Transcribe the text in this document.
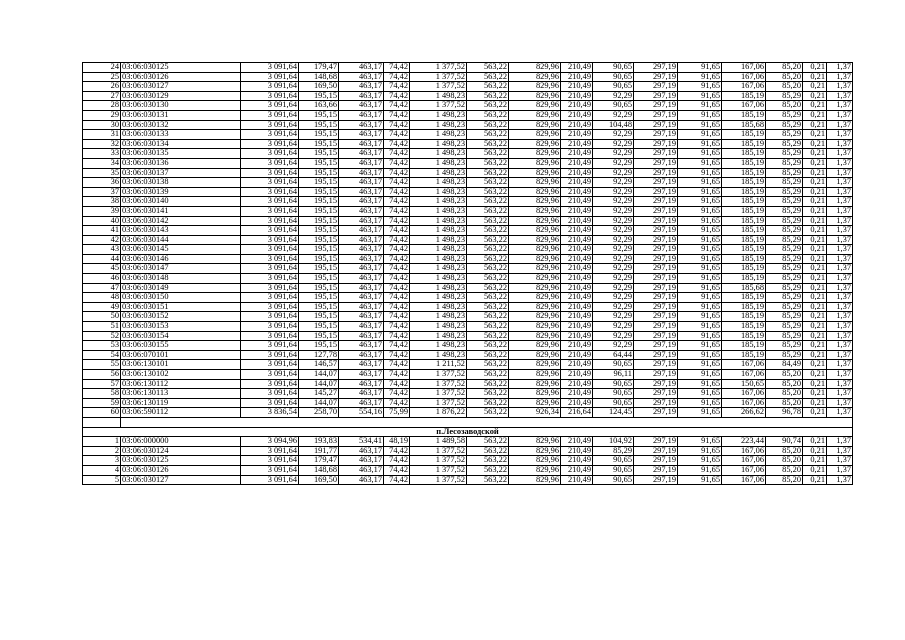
24	03:06:030125	3 091,64	179,47	463,17	74,42	1 377,52	563,22	829,96	210,49	90,65	297,19	91,65	167,06	85,20	0,21	1,37
25	03:06:030126	3 091,64	148,68	463,17	74,42	1 377,52	563,22	829,96	210,49	90,65	297,19	91,65	167,06	85,20	0,21	1,37
26	03:06:030127	3 091,64	169,50	463,17	74,42	1 377,52	563,22	829,96	210,49	90,65	297,19	91,65	167,06	85,20	0,21	1,37
27	03:06:030129	3 091,64	195,15	463,17	74,42	1 498,23	563,22	829,96	210,49	92,29	297,19	91,65	185,19	85,29	0,21	1,37
28	03:06:030130	3 091,64	163,66	463,17	74,42	1 377,52	563,22	829,96	210,49	90,65	297,19	91,65	167,06	85,20	0,21	1,37
29	03:06:030131	3 091,64	195,15	463,17	74,42	1 498,23	563,22	829,96	210,49	92,29	297,19	91,65	185,19	85,29	0,21	1,37
30	03:06:030132	3 091,64	195,15	463,17	74,42	1 498,23	563,22	829,96	210,49	104,48	297,19	91,65	185,68	85,29	0,21	1,37
31	03:06:030133	3 091,64	195,15	463,17	74,42	1 498,23	563,22	829,96	210,49	92,29	297,19	91,65	185,19	85,29	0,21	1,37
32	03:06:030134	3 091,64	195,15	463,17	74,42	1 498,23	563,22	829,96	210,49	92,29	297,19	91,65	185,19	85,29	0,21	1,37
33	03:06:030135	3 091,64	195,15	463,17	74,42	1 498,23	563,22	829,96	210,49	92,29	297,19	91,65	185,19	85,29	0,21	1,37
34	03:06:030136	3 091,64	195,15	463,17	74,42	1 498,23	563,22	829,96	210,49	92,29	297,19	91,65	185,19	85,29	0,21	1,37
35	03:06:030137	3 091,64	195,15	463,17	74,42	1 498,23	563,22	829,96	210,49	92,29	297,19	91,65	185,19	85,29	0,21	1,37
36	03:06:030138	3 091,64	195,15	463,17	74,42	1 498,23	563,22	829,96	210,49	92,29	297,19	91,65	185,19	85,29	0,21	1,37
37	03:06:030139	3 091,64	195,15	463,17	74,42	1 498,23	563,22	829,96	210,49	92,29	297,19	91,65	185,19	85,29	0,21	1,37
38	03:06:030140	3 091,64	195,15	463,17	74,42	1 498,23	563,22	829,96	210,49	92,29	297,19	91,65	185,19	85,29	0,21	1,37
39	03:06:030141	3 091,64	195,15	463,17	74,42	1 498,23	563,22	829,96	210,49	92,29	297,19	91,65	185,19	85,29	0,21	1,37
40	03:06:030142	3 091,64	195,15	463,17	74,42	1 498,23	563,22	829,96	210,49	92,29	297,19	91,65	185,19	85,29	0,21	1,37
41	03:06:030143	3 091,64	195,15	463,17	74,42	1 498,23	563,22	829,96	210,49	92,29	297,19	91,65	185,19	85,29	0,21	1,37
42	03:06:030144	3 091,64	195,15	463,17	74,42	1 498,23	563,22	829,96	210,49	92,29	297,19	91,65	185,19	85,29	0,21	1,37
43	03:06:030145	3 091,64	195,15	463,17	74,42	1 498,23	563,22	829,96	210,49	92,29	297,19	91,65	185,19	85,29	0,21	1,37
44	03:06:030146	3 091,64	195,15	463,17	74,42	1 498,23	563,22	829,96	210,49	92,29	297,19	91,65	185,19	85,29	0,21	1,37
45	03:06:030147	3 091,64	195,15	463,17	74,42	1 498,23	563,22	829,96	210,49	92,29	297,19	91,65	185,19	85,29	0,21	1,37
46	03:06:030148	3 091,64	195,15	463,17	74,42	1 498,23	563,22	829,96	210,49	92,29	297,19	91,65	185,19	85,29	0,21	1,37
47	03:06:030149	3 091,64	195,15	463,17	74,42	1 498,23	563,22	829,96	210,49	92,29	297,19	91,65	185,68	85,29	0,21	1,37
48	03:06:030150	3 091,64	195,15	463,17	74,42	1 498,23	563,22	829,96	210,49	92,29	297,19	91,65	185,19	85,29	0,21	1,37
49	03:06:030151	3 091,64	195,15	463,17	74,42	1 498,23	563,22	829,96	210,49	92,29	297,19	91,65	185,19	85,29	0,21	1,37
50	03:06:030152	3 091,64	195,15	463,17	74,42	1 498,23	563,22	829,96	210,49	92,29	297,19	91,65	185,19	85,29	0,21	1,37
51	03:06:030153	3 091,64	195,15	463,17	74,42	1 498,23	563,22	829,96	210,49	92,29	297,19	91,65	185,19	85,29	0,21	1,37
52	03:06:030154	3 091,64	195,15	463,17	74,42	1 498,23	563,22	829,96	210,49	92,29	297,19	91,65	185,19	85,29	0,21	1,37
53	03:06:030155	3 091,64	195,15	463,17	74,42	1 498,23	563,22	829,96	210,49	92,29	297,19	91,65	185,19	85,29	0,21	1,37
54	03:06:070101	3 091,64	127,78	463,17	74,42	1 498,23	563,22	829,96	210,49	64,44	297,19	91,65	185,19	85,29	0,21	1,37
55	03:06:130101	3 091,64	146,57	463,17	74,42	1 211,52	563,22	829,96	210,49	90,65	297,19	91,65	167,06	84,49	0,21	1,37
56	03:06:130102	3 091,64	144,07	463,17	74,42	1 377,52	563,22	829,96	210,49	96,11	297,19	91,65	167,06	85,20	0,21	1,37
57	03:06:130112	3 091,64	144,07	463,17	74,42	1 377,52	563,22	829,96	210,49	90,65	297,19	91,65	150,65	85,20	0,21	1,37
58	03:06:130113	3 091,64	145,27	463,17	74,42	1 377,52	563,22	829,96	210,49	90,65	297,19	91,65	167,06	85,20	0,21	1,37
59	03:06:130119	3 091,64	144,07	463,17	74,42	1 377,52	563,22	829,96	210,49	90,65	297,19	91,65	167,06	85,20	0,21	1,37
60	03:06:590112	3 836,54	258,70	554,16	75,99	1 876,22	563,22	926,34	216,64	124,45	297,19	91,65	266,62	96,78	0,21	1,37

п.Лесозаводской																
1	03:06:000000	3 094,96	193,83	534,41	48,19	1 489,58	563,22	829,96	210,49	104,92	297,19	91,65	223,44	90,74	0,21	1,37
2	03:06:030124	3 091,64	191,77	463,17	74,42	1 377,52	563,22	829,96	210,49	85,29	297,19	91,65	167,06	85,20	0,21	1,37
3	03:06:030125	3 091,64	179,47	463,17	74,42	1 377,52	563,22	829,96	210,49	90,65	297,19	91,65	167,06	85,20	0,21	1,37
4	03:06:030126	3 091,64	148,68	463,17	74,42	1 377,52	563,22	829,96	210,49	90,65	297,19	91,65	167,06	85,20	0,21	1,37
5	03:06:030127	3 091,64	169,50	463,17	74,42	1 377,52	563,22	829,96	210,49	90,65	297,19	91,65	167,06	85,20	0,21	1,37
